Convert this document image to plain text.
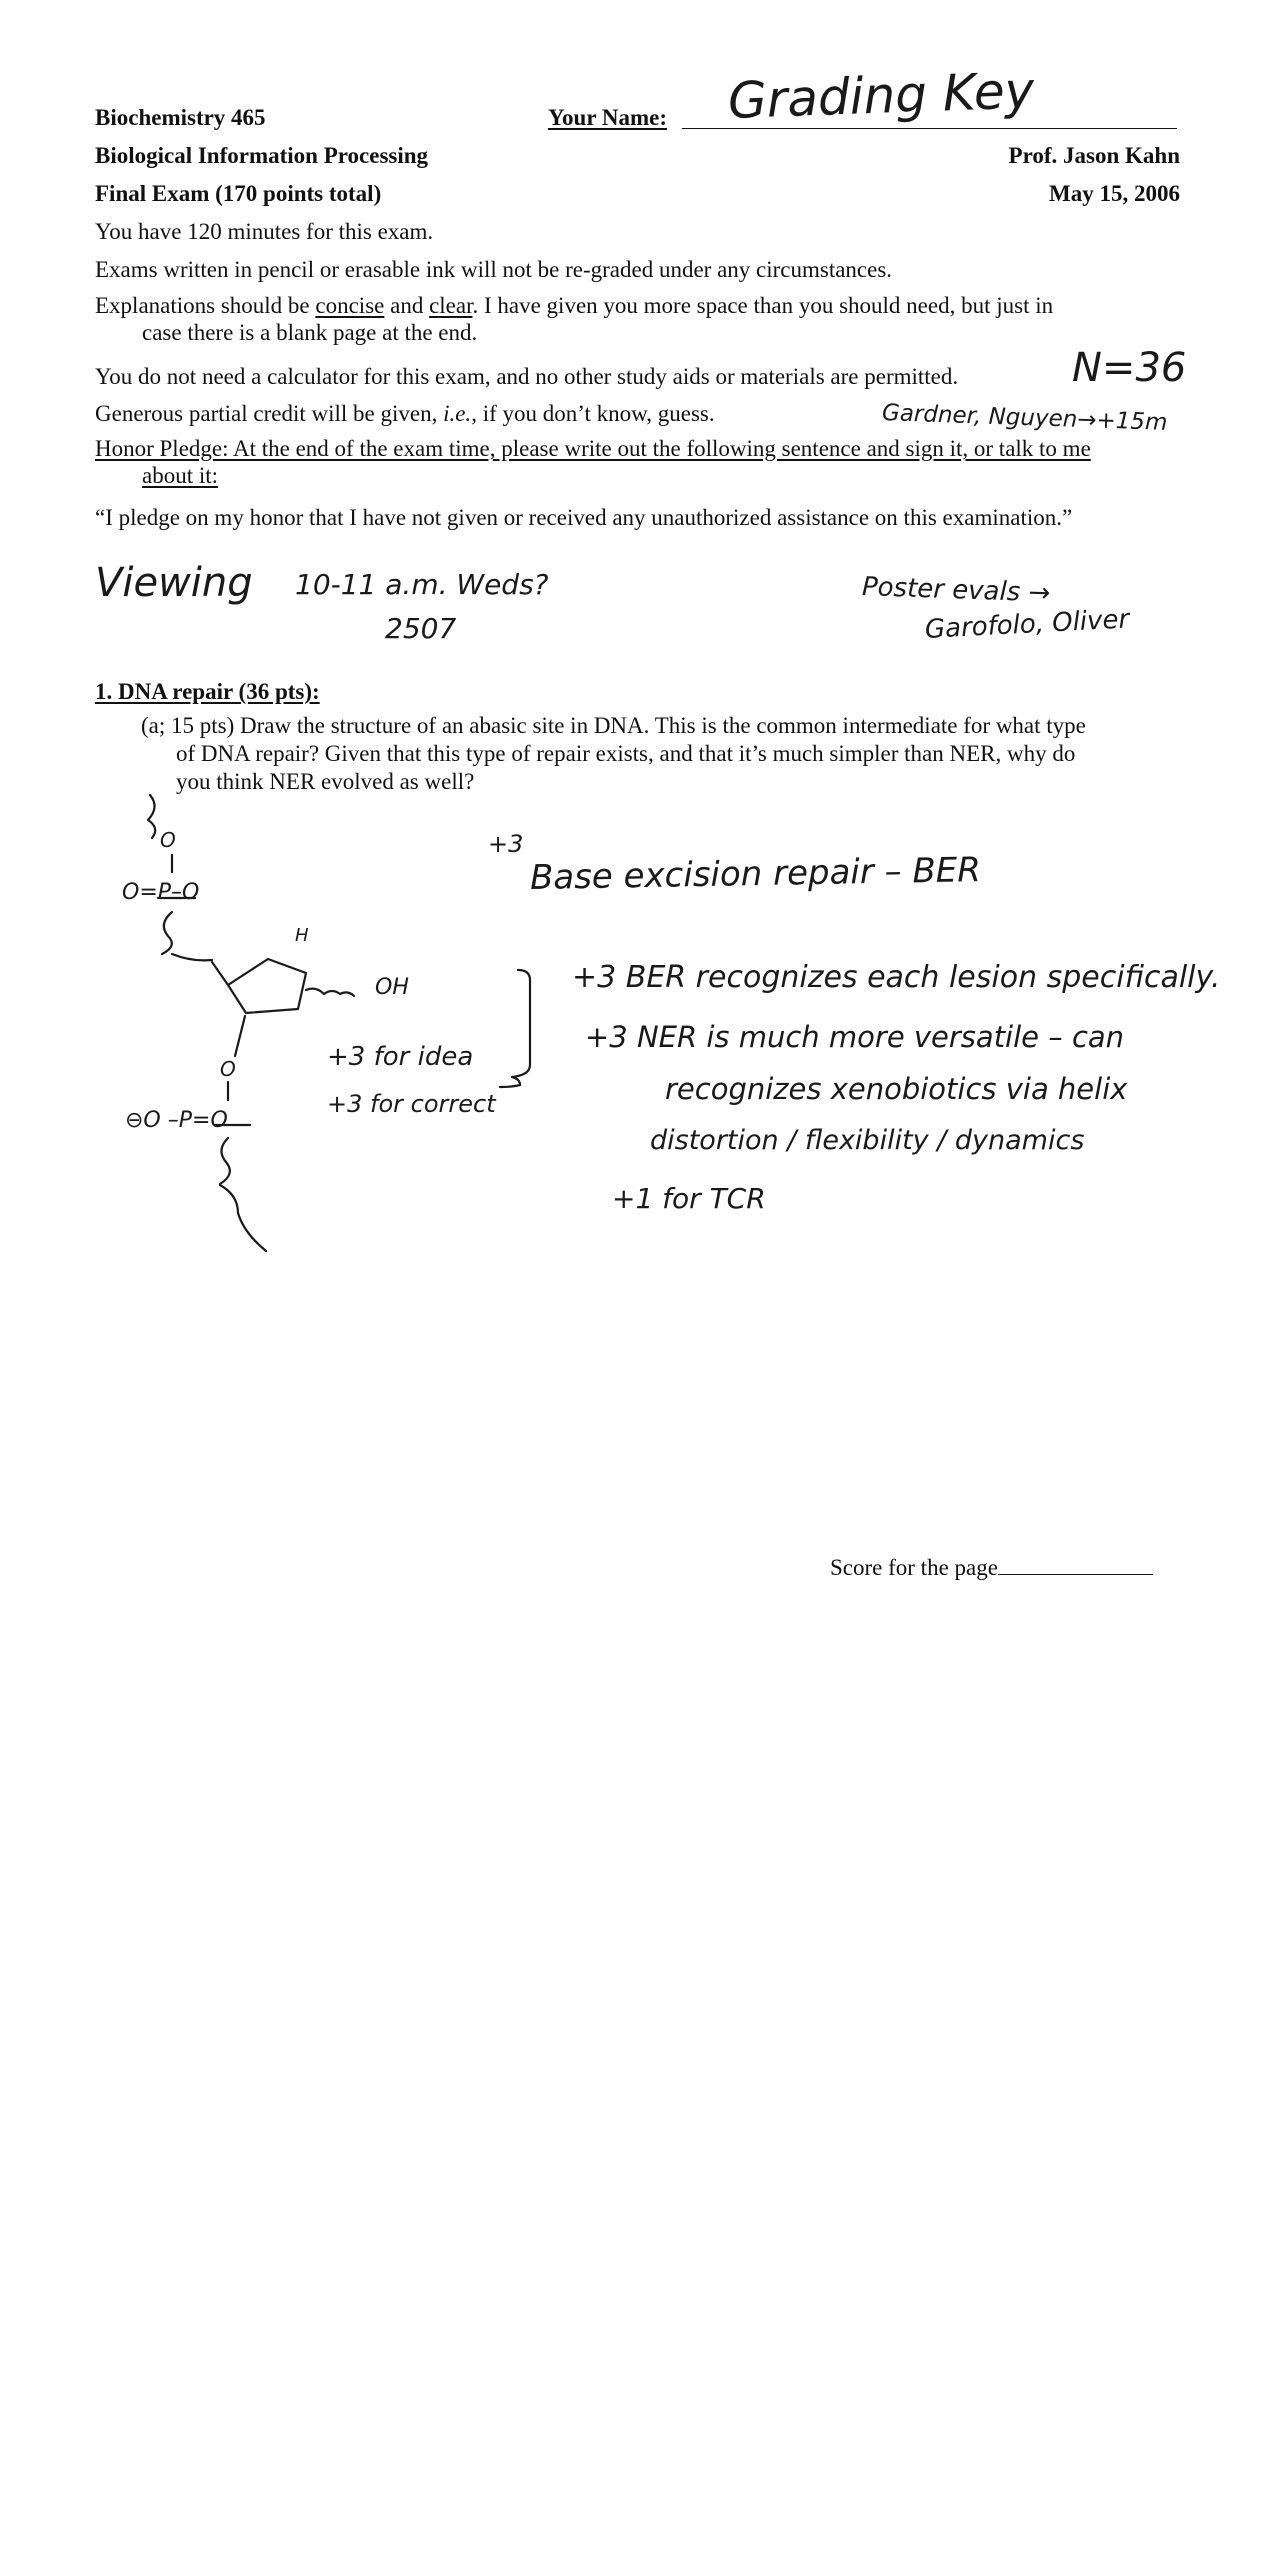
Biochemistry 465
Biological Information Processing
Final Exam (170 points total)
Your Name: Grading Key
Prof. Jason Kahn
May 15, 2006
You have 120 minutes for this exam.
Exams written in pencil or erasable ink will not be re-graded under any circumstances.
Explanations should be concise and clear. I have given you more space than you should need, but just in
case there is a blank page at the end.
You do not need a calculator for this exam, and no other study aids or materials are permitted.
Generous partial credit will be given, i.e., if you don’t know, guess.
Honor Pledge: At the end of the exam time, please write out the following sentence and sign it, or talk to me
about it:
“I pledge on my honor that I have not given or received any unauthorized assistance on this examination.”
N=36
Gardner, Nguyen→+15m
Viewing 10-11 a.m. Weds?
2507
Poster evals →
Garofolo, Oliver
1. DNA repair (36 pts):
(a; 15 pts) Draw the structure of an abasic site in DNA. This is the common intermediate for what type
of DNA repair? Given that this type of repair exists, and that it’s much simpler than NER, why do
you think NER evolved as well?
O
O=P–O
H
OH
O
⊖O –P=O
+3 for idea
+3 for correct
+3
Base excision repair – BER
+3 BER recognizes each lesion specifically.
+3 NER is much more versatile – can
recognizes xenobiotics via helix
distortion / flexibility / dynamics
+1 for TCR
Score for the page
